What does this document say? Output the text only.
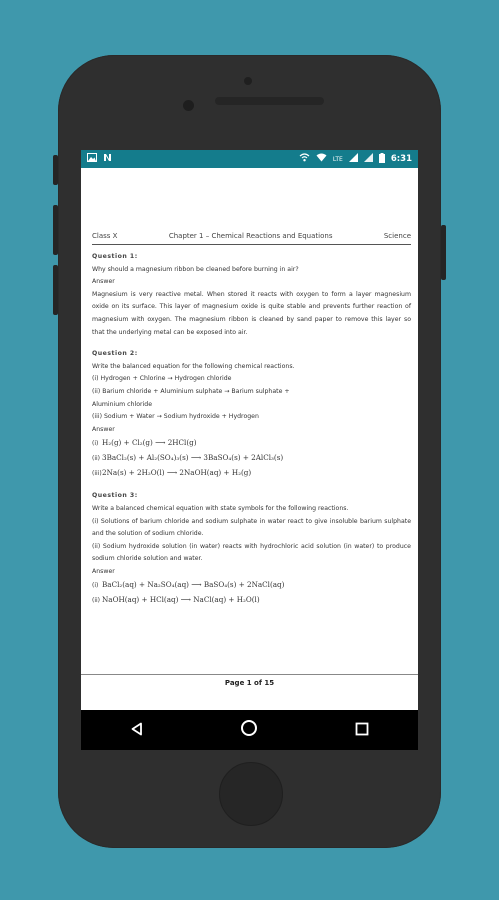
LTE	6:31
Class X	Chapter 1 – Chemical Reactions and Equations	Science
Question 1:
Why should a magnesium ribbon be cleaned before burning in air?
Answer
Magnesium is very reactive metal. When stored it reacts with oxygen to form a layer magnesium oxide on its surface. This layer of magnesium oxide is quite stable and prevents further reaction of magnesium with oxygen. The magnesium ribbon is cleaned by sand paper to remove this layer so that the underlying metal can be exposed into air.
Question 2:
Write the balanced equation for the following chemical reactions.
(i) Hydrogen + Chlorine → Hydrogen chloride
(ii) Barium chloride + Aluminium sulphate → Barium sulphate +
Aluminium chloride
(iii) Sodium + Water → Sodium hydroxide + Hydrogen
Answer
(i) H₂(g) + Cl₂(g) ⟶ 2HCl(g)
(ii) 3BaCl₂(s) + Al₂(SO₄)₃(s) ⟶ 3BaSO₄(s) + 2AlCl₃(s)
(iii)2Na(s) + 2H₂O(l) ⟶ 2NaOH(aq) + H₂(g)
Question 3:
Write a balanced chemical equation with state symbols for the following reactions.
(i) Solutions of barium chloride and sodium sulphate in water react to give insoluble barium sulphate and the solution of sodium chloride.
(ii) Sodium hydroxide solution (in water) reacts with hydrochloric acid solution (in water) to produce sodium chloride solution and water.
Answer
(i) BaCl₂(aq) + Na₂SO₄(aq) ⟶ BaSO₄(s) + 2NaCl(aq)
(ii) NaOH(aq) + HCl(aq) ⟶ NaCl(aq) + H₂O(l)
Page 1 of 15
